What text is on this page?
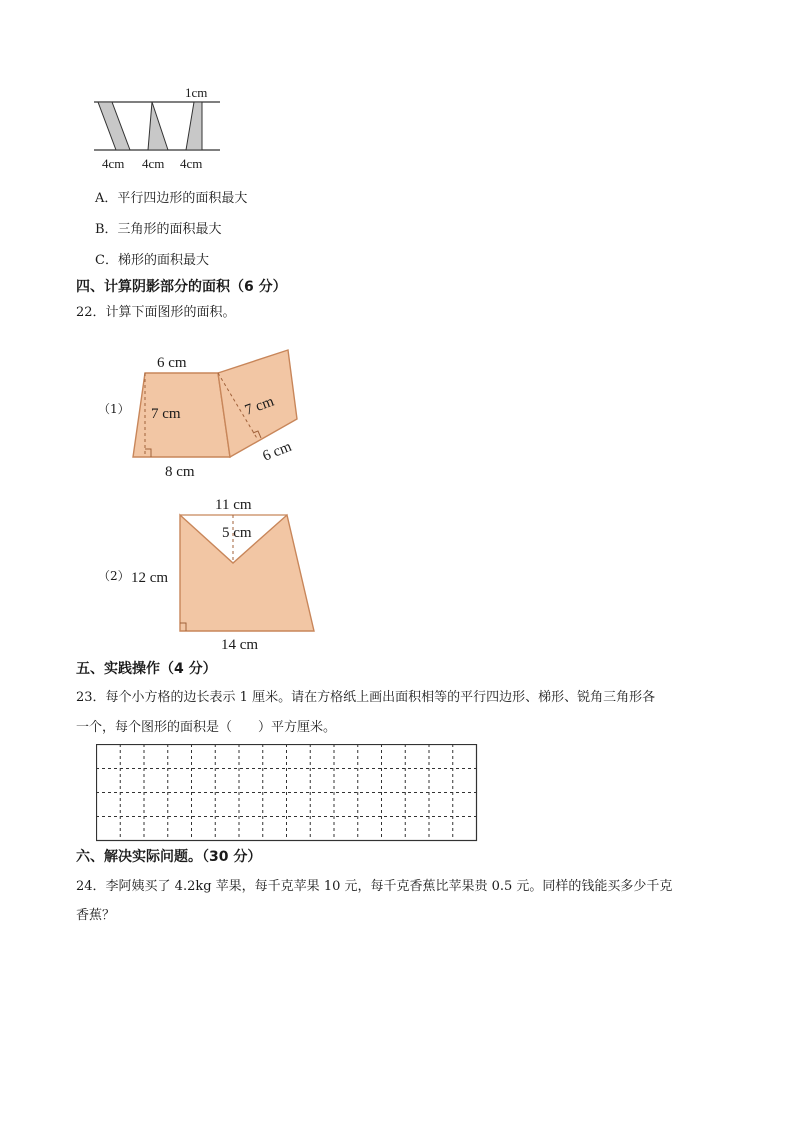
1cm
4cm 4cm 4cm
A．平行四边形的面积最大
B．三角形的面积最大
C．梯形的面积最大
四、计算阴影部分的面积（6 分）
22．计算下面图形的面积。
（1）
6 cm
7 cm
8 cm
7 cm
6 cm
（2）
11 cm
5 cm
12 cm
14 cm
五、实践操作（4 分）
23．每个小方格的边长表示 1 厘米。请在方格纸上画出面积相等的平行四边形、梯形、锐角三角形各
一个，每个图形的面积是（　　）平方厘米。
六、解决实际问题。（30 分）
24．李阿姨买了 4.2kg 苹果，每千克苹果 10 元，每千克香蕉比苹果贵 0.5 元。同样的钱能买多少千克
香蕉？
